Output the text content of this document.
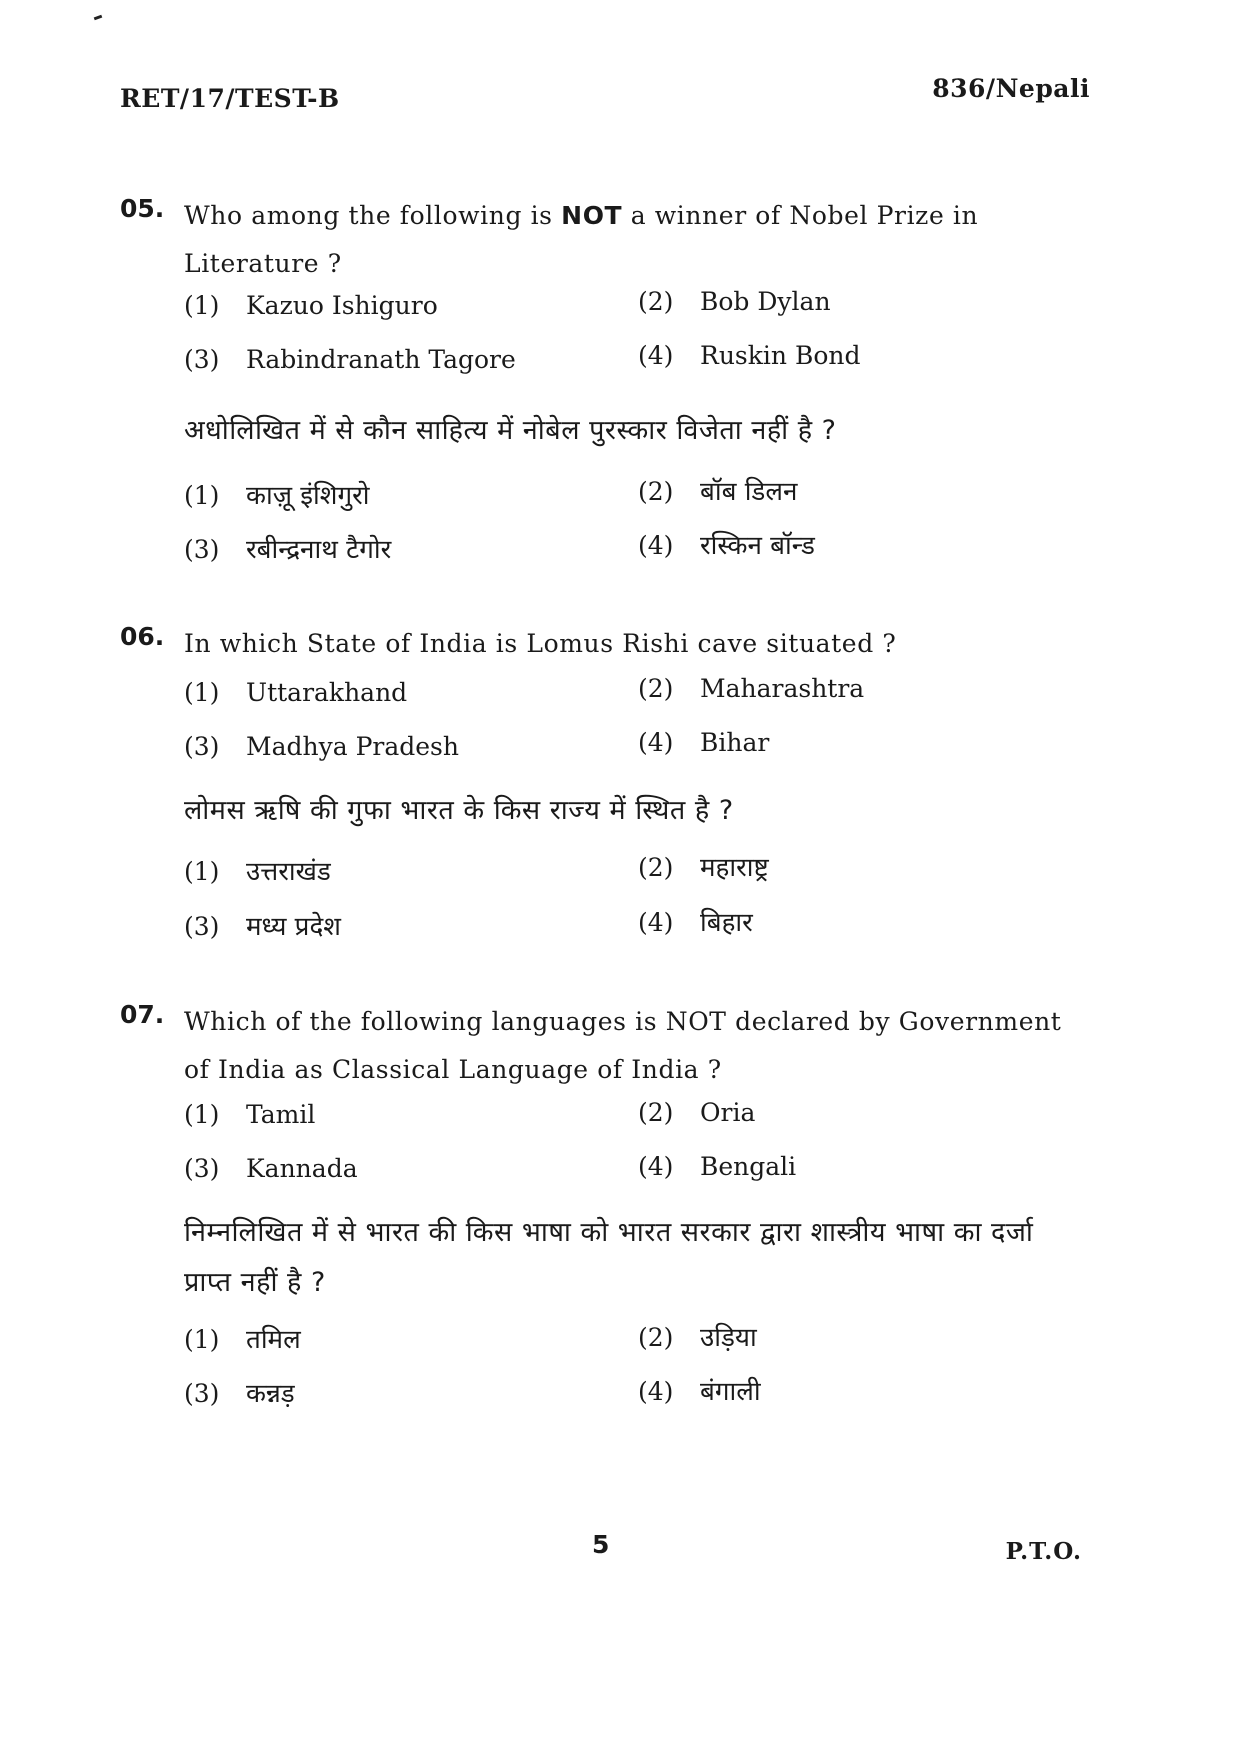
RET/17/TEST-B	836/Nepali
05. Who among the following is NOT a winner of Nobel Prize in Literature ?
(1) Kazuo Ishiguro	(2) Bob Dylan
(3) Rabindranath Tagore	(4) Ruskin Bond
अधोलिखित में से कौन साहित्य में नोबेल पुरस्कार विजेता नहीं है ?
(1) काज़ू इंशिगुरो	(2) बॉब डिलन
(3) रबीन्द्रनाथ टैगोर	(4) रस्किन बॉन्ड
06. In which State of India is Lomus Rishi cave situated ?
(1) Uttarakhand	(2) Maharashtra
(3) Madhya Pradesh	(4) Bihar
लोमस ऋषि की गुफा भारत के किस राज्य में स्थित है ?
(1) उत्तराखंड	(2) महाराष्ट्र
(3) मध्य प्रदेश	(4) बिहार
07. Which of the following languages is NOT declared by Government of India as Classical Language of India ?
(1) Tamil	(2) Oria
(3) Kannada	(4) Bengali
निम्नलिखित में से भारत की किस भाषा को भारत सरकार द्वारा शास्त्रीय भाषा का दर्जा प्राप्त नहीं है ?
(1) तमिल	(2) उड़िया
(3) कन्नड़	(4) बंगाली
5	P.T.O.
